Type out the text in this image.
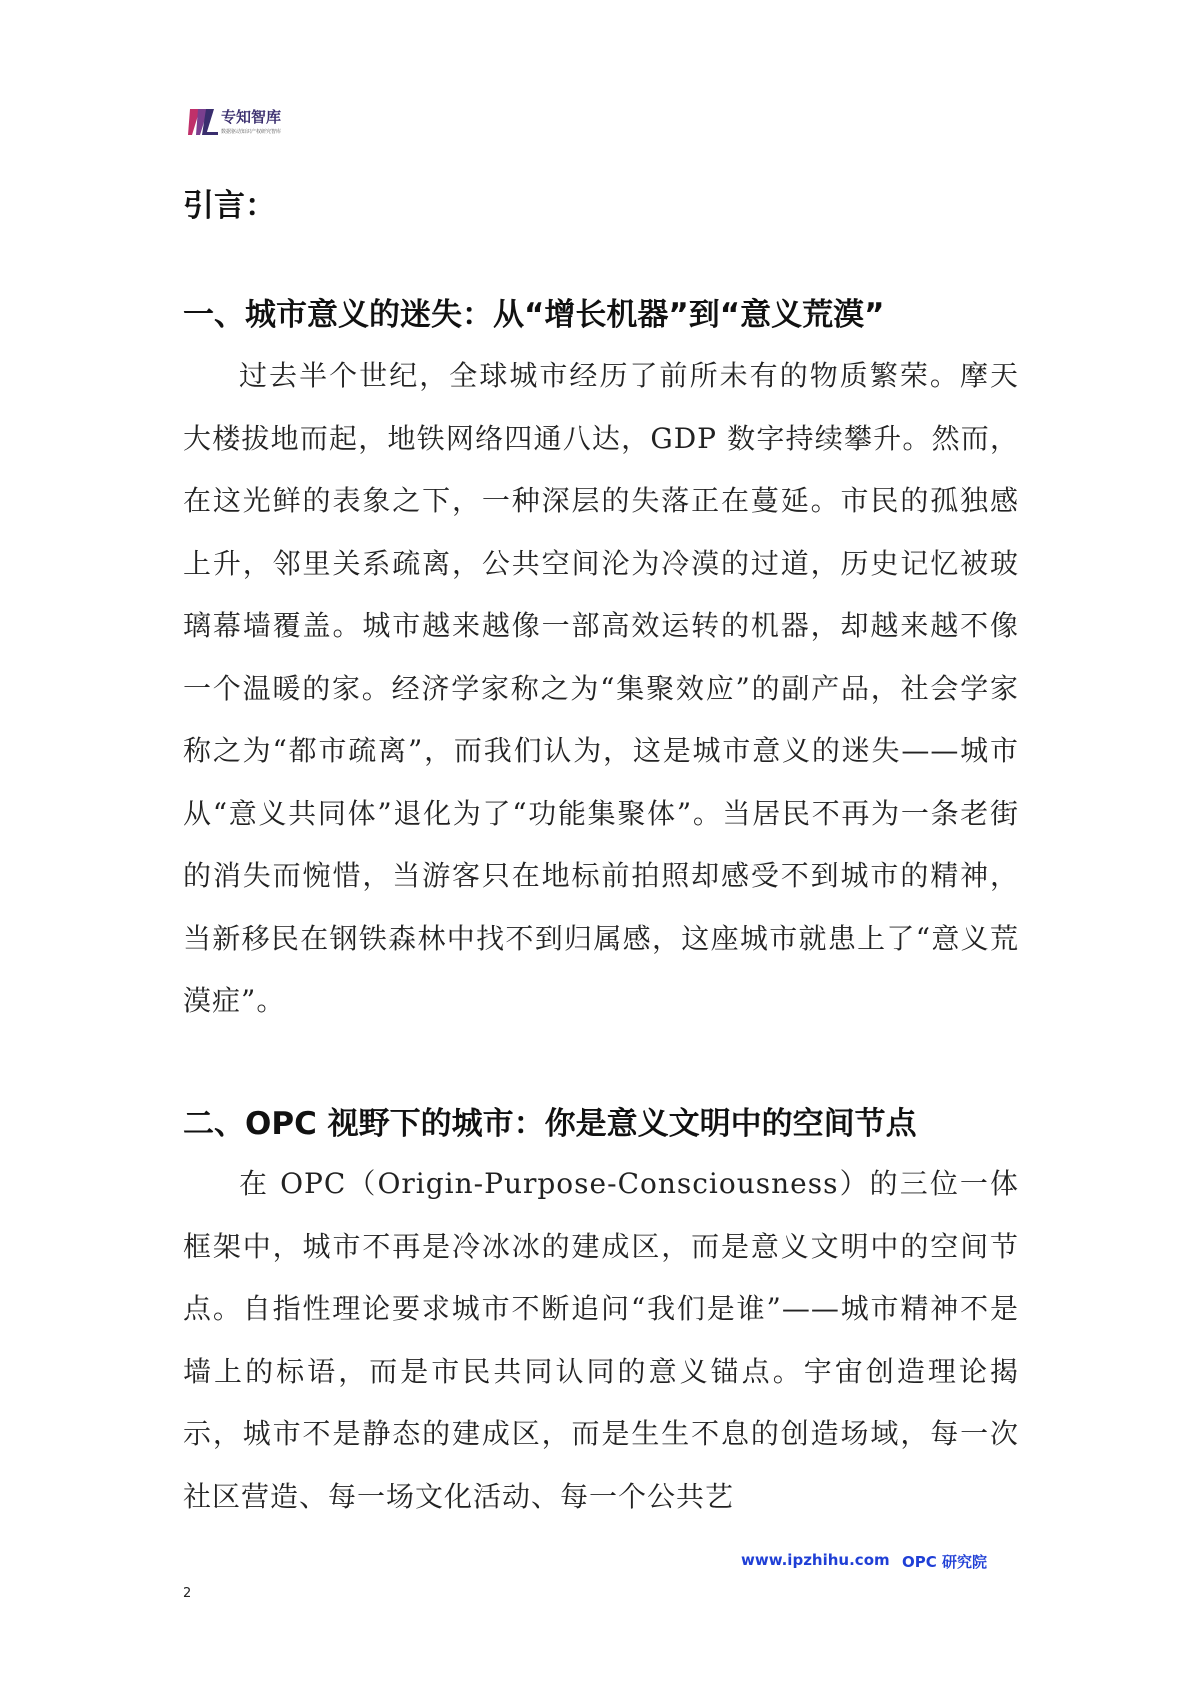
专知智库
数据驱动知识产权研究智库
引言：
一、城市意义的迷失：从“增长机器”到“意义荒漠”

过去半个世纪，全球城市经历了前所未有的物质繁荣。摩天大楼拔地而起，地铁网络四通八达，GDP 数字持续攀升。然而，在这光鲜的表象之下，一种深层的失落正在蔓延。市民的孤独感上升，邻里关系疏离，公共空间沦为冷漠的过道，历史记忆被玻璃幕墙覆盖。城市越来越像一部高效运转的机器，却越来越不像一个温暖的家。经济学家称之为“集聚效应”的副产品，社会学家称之为“都市疏离”，而我们认为，这是城市意义的迷失——城市从“意义共同体”退化为了“功能集聚体”。当居民不再为一条老街的消失而惋惜，当游客只在地标前拍照却感受不到城市的精神，当新移民在钢铁森林中找不到归属感，这座城市就患上了“意义荒漠症”。

二、OPC 视野下的城市：你是意义文明中的空间节点

在 OPC（Origin-Purpose-Consciousness）的三位一体框架中，城市不再是冷冰冰的建成区，而是意义文明中的空间节点。自指性理论要求城市不断追问“我们是谁”——城市精神不是墙上的标语，而是市民共同认同的意义锚点。宇宙创造理论揭示，城市不是静态的建成区，而是生生不息的创造场域，每一次社区营造、每一场文化活动、每一个公共艺

www.ipzhihu.com OPC 研究院
2
